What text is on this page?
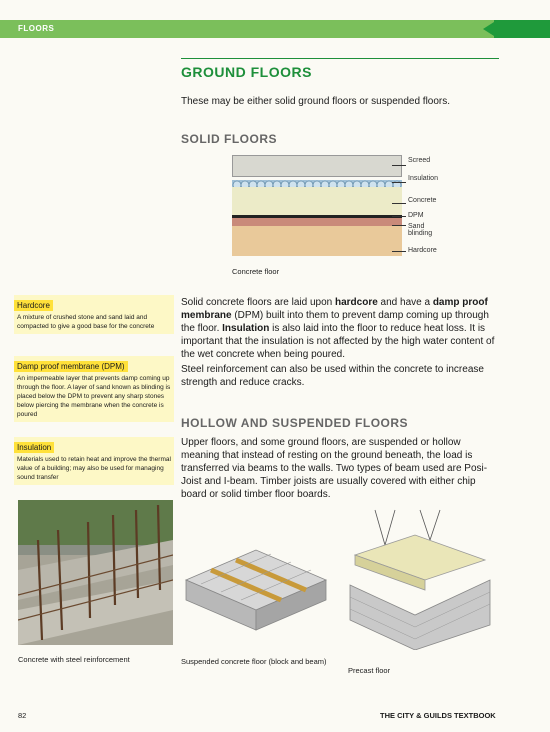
FLOORS
GROUND FLOORS
These may be either solid ground floors or suspended floors.
SOLID FLOORS
Screed
Insulation
Concrete
DPM
Sand blinding
Hardcore
Concrete floor
Hardcore
A mixture of crushed stone and sand laid and compacted to give a good base for the concrete
Damp proof membrane (DPM)
An impermeable layer that prevents damp coming up through the floor. A layer of sand known as blinding is placed below the DPM to prevent any sharp stones below piercing the membrane when the concrete is poured
Insulation
Materials used to retain heat and improve the thermal value of a building; may also be used for managing sound transfer
Solid concrete floors are laid upon hardcore and have a damp proof membrane (DPM) built into them to prevent damp coming up through the floor. Insulation is also laid into the floor to reduce heat loss. It is important that the insulation is not affected by the high water content of the wet concrete when being poured.
Steel reinforcement can also be used within the concrete to increase strength and reduce cracks.
HOLLOW AND SUSPENDED FLOORS
Upper floors, and some ground floors, are suspended or hollow meaning that instead of resting on the ground beneath, the load is transferred via beams to the walls. Two types of beam used are Posi-Joist and I-beam. Timber joists are usually covered with either chip board or solid timber floor boards.
Concrete with steel reinforcement	Suspended concrete floor (block and beam)
Precast floor
82	THE CITY & GUILDS TEXTBOOK
